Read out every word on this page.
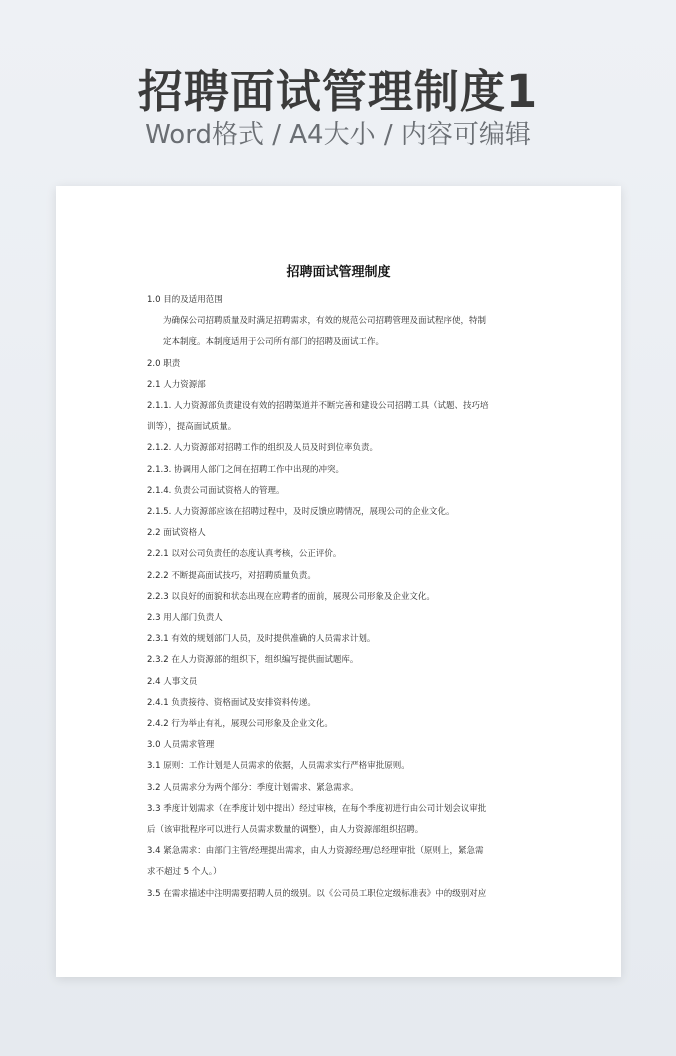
招聘面试管理制度1
Word格式 / A4大小 / 内容可编辑
招聘面试管理制度
1.0 目的及适用范围
为确保公司招聘质量及时满足招聘需求，有效的规范公司招聘管理及面试程序使，特制
定本制度。本制度适用于公司所有部门的招聘及面试工作。
2.0 职责
2.1 人力资源部
2.1.1. 人力资源部负责建设有效的招聘渠道并不断完善和建设公司招聘工具（试题、技巧培
训等），提高面试质量。
2.1.2. 人力资源部对招聘工作的组织及人员及时到位率负责。
2.1.3. 协调用人部门之间在招聘工作中出现的冲突。
2.1.4. 负责公司面试资格人的管理。
2.1.5. 人力资源部应该在招聘过程中，及时反馈应聘情况，展现公司的企业文化。
2.2 面试资格人
2.2.1 以对公司负责任的态度认真考核，公正评价。
2.2.2 不断提高面试技巧，对招聘质量负责。
2.2.3 以良好的面貌和状态出现在应聘者的面前，展现公司形象及企业文化。
2.3 用人部门负责人
2.3.1 有效的规划部门人员，及时提供准确的人员需求计划。
2.3.2 在人力资源部的组织下，组织编写提供面试题库。
2.4 人事文员
2.4.1 负责接待、资格面试及安排资料传递。
2.4.2 行为举止有礼，展现公司形象及企业文化。
3.0 人员需求管理
3.1 原则：工作计划是人员需求的依据，人员需求实行严格审批原则。
3.2 人员需求分为两个部分：季度计划需求、紧急需求。
3.3 季度计划需求（在季度计划中提出）经过审核，在每个季度初进行由公司计划会议审批
后（该审批程序可以进行人员需求数量的调整），由人力资源部组织招聘。
3.4 紧急需求：由部门主管/经理提出需求，由人力资源经理/总经理审批（原则上，紧急需
求不超过 5 个人。）
3.5 在需求描述中注明需要招聘人员的级别。以《公司员工职位定级标准表》中的级别对应
